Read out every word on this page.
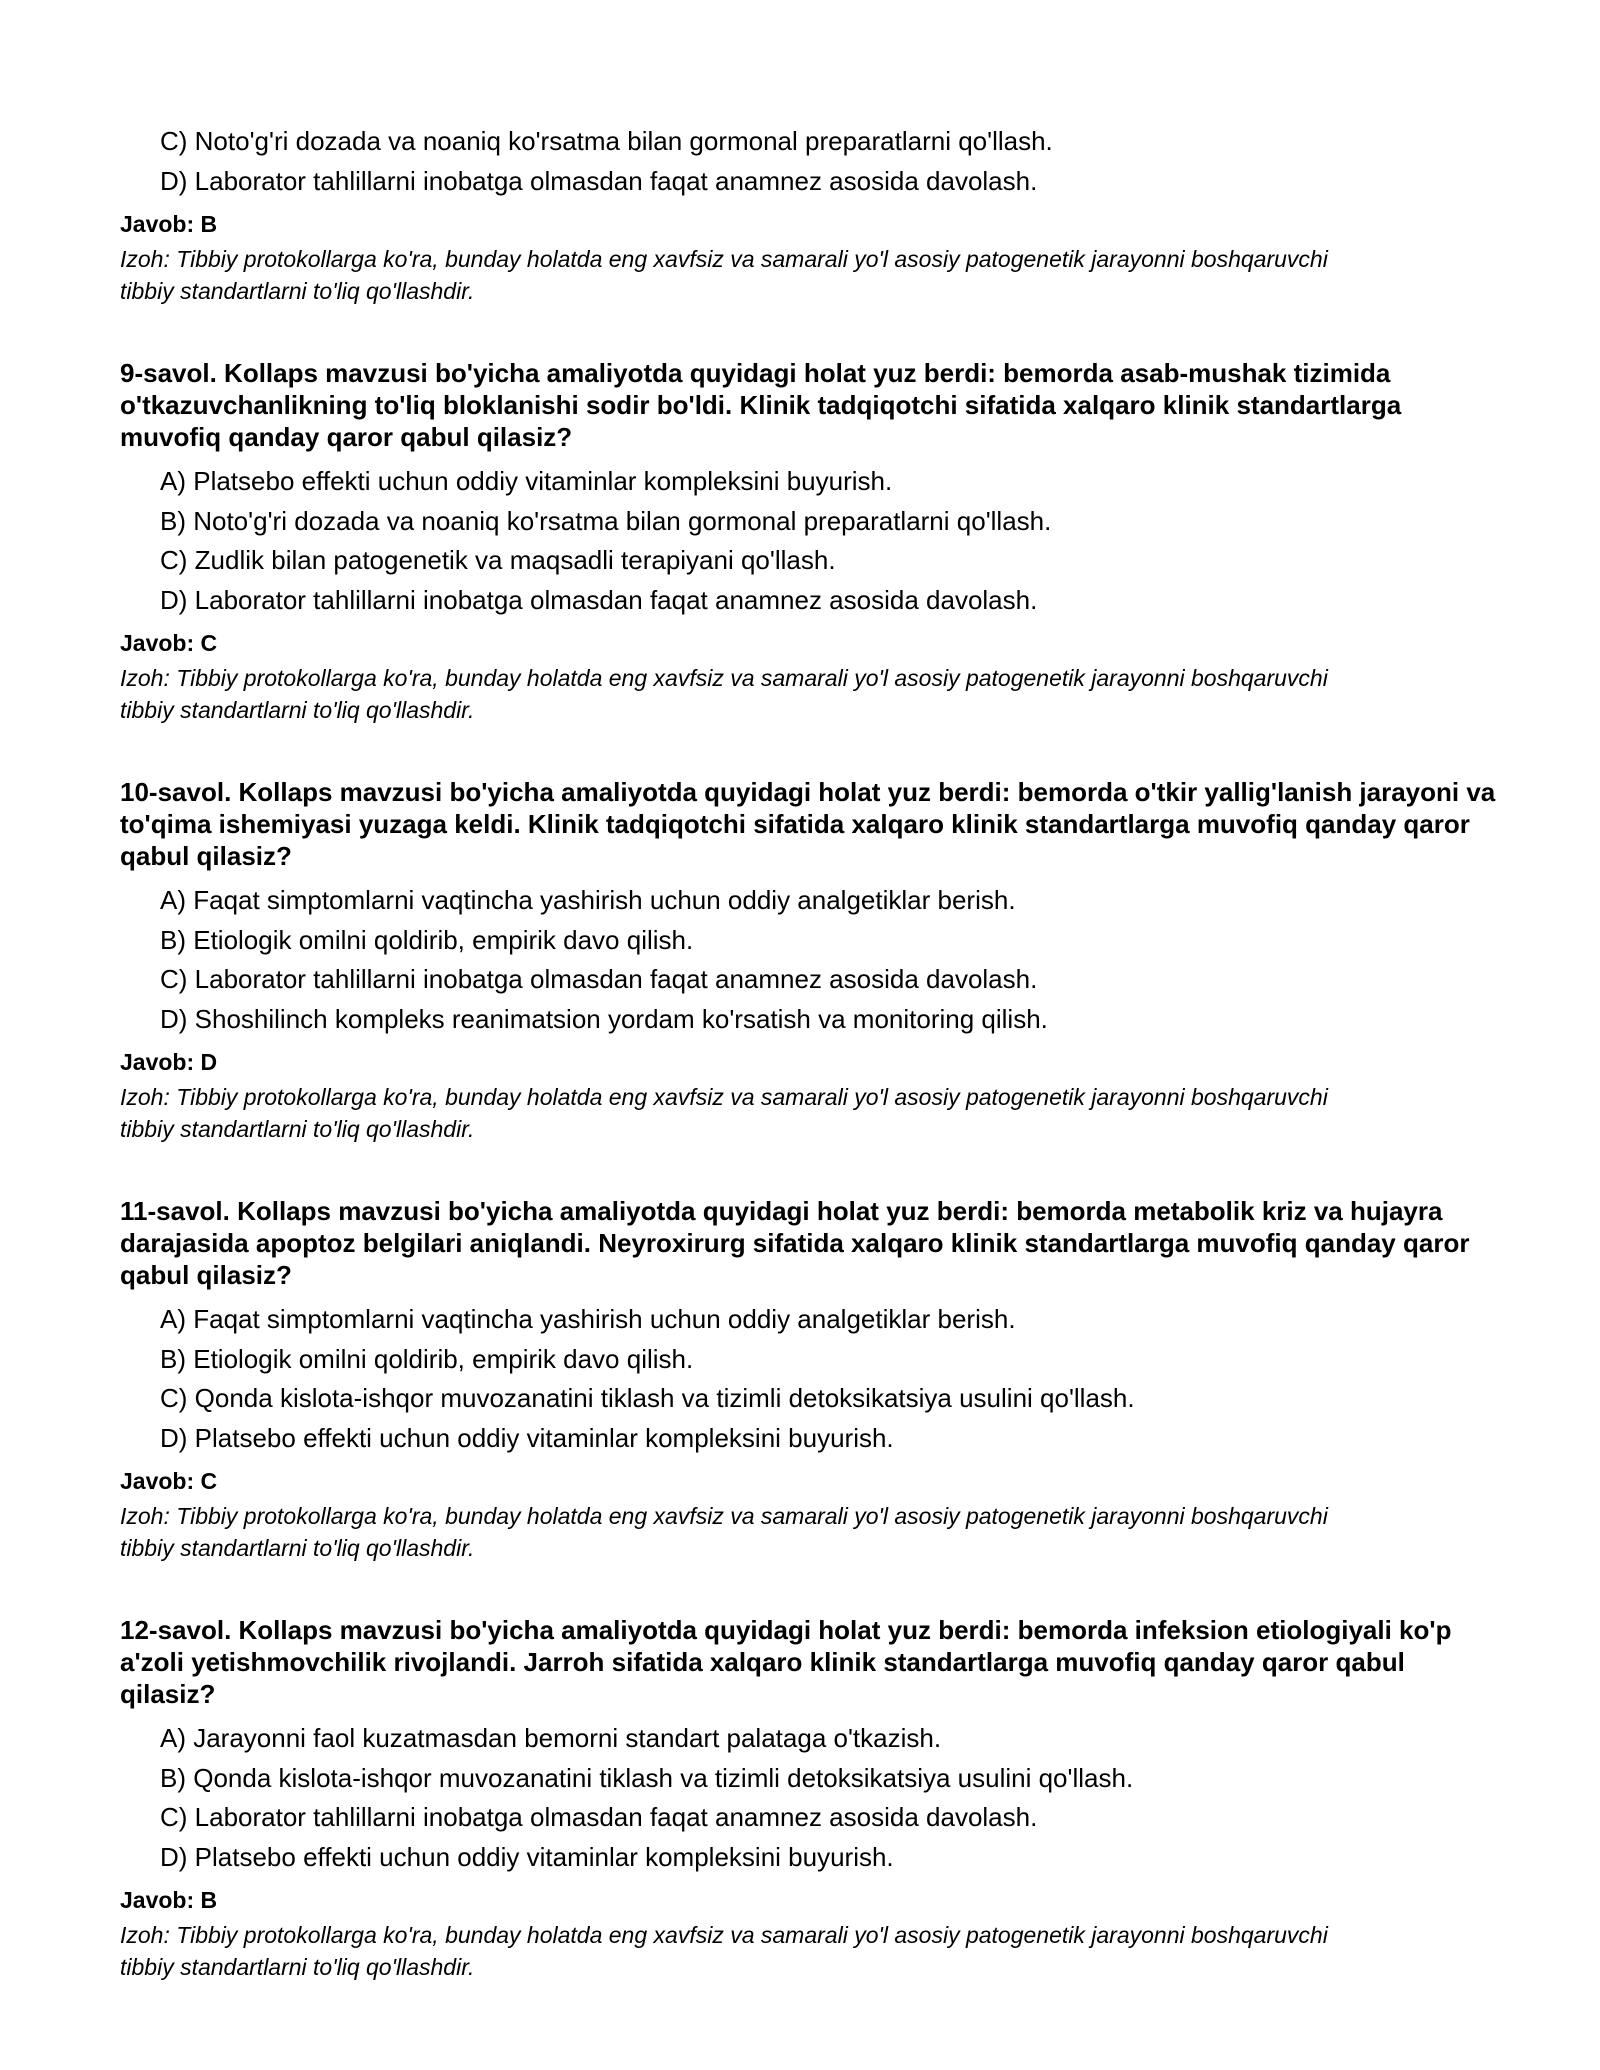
C) Noto'g'ri dozada va noaniq ko'rsatma bilan gormonal preparatlarni qo'llash.
D) Laborator tahlillarni inobatga olmasdan faqat anamnez asosida davolash.
Javob: B
Izoh: Tibbiy protokollarga ko'ra, bunday holatda eng xavfsiz va samarali yo'l asosiy patogenetik jarayonni boshqaruvchi tibbiy standartlarni to'liq qo'llashdir.

9-savol. Kollaps mavzusi bo'yicha amaliyotda quyidagi holat yuz berdi: bemorda asab-mushak tizimida o'tkazuvchanlikning to'liq bloklanishi sodir bo'ldi. Klinik tadqiqotchi sifatida xalqaro klinik standartlarga muvofiq qanday qaror qabul qilasiz?

A) Platsebo effekti uchun oddiy vitaminlar kompleksini buyurish.
B) Noto'g'ri dozada va noaniq ko'rsatma bilan gormonal preparatlarni qo'llash.
C) Zudlik bilan patogenetik va maqsadli terapiyani qo'llash.
D) Laborator tahlillarni inobatga olmasdan faqat anamnez asosida davolash.
Javob: C
Izoh: Tibbiy protokollarga ko'ra, bunday holatda eng xavfsiz va samarali yo'l asosiy patogenetik jarayonni boshqaruvchi tibbiy standartlarni to'liq qo'llashdir.

10-savol. Kollaps mavzusi bo'yicha amaliyotda quyidagi holat yuz berdi: bemorda o'tkir yallig'lanish jarayoni va to'qima ishemiyasi yuzaga keldi. Klinik tadqiqotchi sifatida xalqaro klinik standartlarga muvofiq qanday qaror qabul qilasiz?

A) Faqat simptomlarni vaqtincha yashirish uchun oddiy analgetiklar berish.
B) Etiologik omilni qoldirib, empirik davo qilish.
C) Laborator tahlillarni inobatga olmasdan faqat anamnez asosida davolash.
D) Shoshilinch kompleks reanimatsion yordam ko'rsatish va monitoring qilish.
Javob: D
Izoh: Tibbiy protokollarga ko'ra, bunday holatda eng xavfsiz va samarali yo'l asosiy patogenetik jarayonni boshqaruvchi tibbiy standartlarni to'liq qo'llashdir.

11-savol. Kollaps mavzusi bo'yicha amaliyotda quyidagi holat yuz berdi: bemorda metabolik kriz va hujayra darajasida apoptoz belgilari aniqlandi. Neyroxirurg sifatida xalqaro klinik standartlarga muvofiq qanday qaror qabul qilasiz?

A) Faqat simptomlarni vaqtincha yashirish uchun oddiy analgetiklar berish.
B) Etiologik omilni qoldirib, empirik davo qilish.
C) Qonda kislota-ishqor muvozanatini tiklash va tizimli detoksikatsiya usulini qo'llash.
D) Platsebo effekti uchun oddiy vitaminlar kompleksini buyurish.
Javob: C
Izoh: Tibbiy protokollarga ko'ra, bunday holatda eng xavfsiz va samarali yo'l asosiy patogenetik jarayonni boshqaruvchi tibbiy standartlarni to'liq qo'llashdir.

12-savol. Kollaps mavzusi bo'yicha amaliyotda quyidagi holat yuz berdi: bemorda infeksion etiologiyali ko'p a'zoli yetishmovchilik rivojlandi. Jarroh sifatida xalqaro klinik standartlarga muvofiq qanday qaror qabul qilasiz?

A) Jarayonni faol kuzatmasdan bemorni standart palataga o'tkazish.
B) Qonda kislota-ishqor muvozanatini tiklash va tizimli detoksikatsiya usulini qo'llash.
C) Laborator tahlillarni inobatga olmasdan faqat anamnez asosida davolash.
D) Platsebo effekti uchun oddiy vitaminlar kompleksini buyurish.
Javob: B
Izoh: Tibbiy protokollarga ko'ra, bunday holatda eng xavfsiz va samarali yo'l asosiy patogenetik jarayonni boshqaruvchi tibbiy standartlarni to'liq qo'llashdir.
